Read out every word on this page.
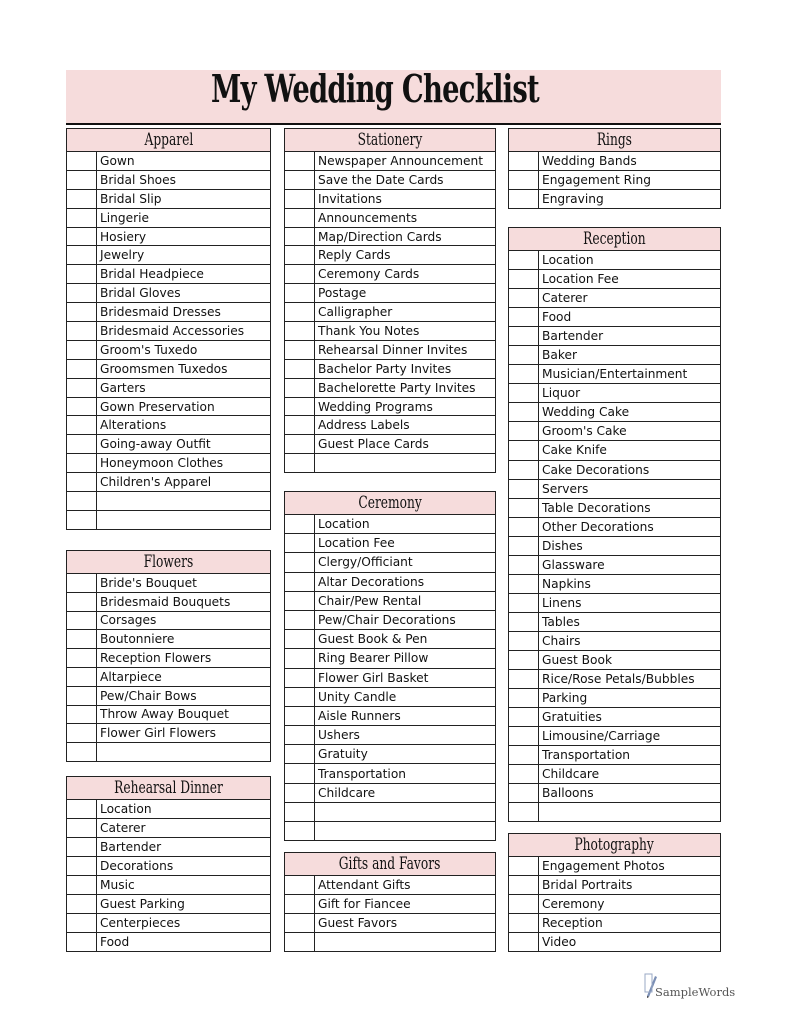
My Wedding Checklist
Apparel
Gown
Bridal Shoes
Bridal Slip
Lingerie
Hosiery
Jewelry
Bridal Headpiece
Bridal Gloves
Bridesmaid Dresses
Bridesmaid Accessories
Groom's Tuxedo
Groomsmen Tuxedos
Garters
Gown Preservation
Alterations
Going-away Outfit
Honeymoon Clothes
Children's Apparel
Flowers
Bride's Bouquet
Bridesmaid Bouquets
Corsages
Boutonniere
Reception Flowers
Altarpiece
Pew/Chair Bows
Throw Away Bouquet
Flower Girl Flowers
Rehearsal Dinner
Location
Caterer
Bartender
Decorations
Music
Guest Parking
Centerpieces
Food
Stationery
Newspaper Announcement
Save the Date Cards
Invitations
Announcements
Map/Direction Cards
Reply Cards
Ceremony Cards
Postage
Calligrapher
Thank You Notes
Rehearsal Dinner Invites
Bachelor Party Invites
Bachelorette Party Invites
Wedding Programs
Address Labels
Guest Place Cards
Ceremony
Location
Location Fee
Clergy/Officiant
Altar Decorations
Chair/Pew Rental
Pew/Chair Decorations
Guest Book & Pen
Ring Bearer Pillow
Flower Girl Basket
Unity Candle
Aisle Runners
Ushers
Gratuity
Transportation
Childcare
Gifts and Favors
Attendant Gifts
Gift for Fiancee
Guest Favors
Rings
Wedding Bands
Engagement Ring
Engraving
Reception
Location
Location Fee
Caterer
Food
Bartender
Baker
Musician/Entertainment
Liquor
Wedding Cake
Groom's Cake
Cake Knife
Cake Decorations
Servers
Table Decorations
Other Decorations
Dishes
Glassware
Napkins
Linens
Tables
Chairs
Guest Book
Rice/Rose Petals/Bubbles
Parking
Gratuities
Limousine/Carriage
Transportation
Childcare
Balloons
Photography
Engagement Photos
Bridal Portraits
Ceremony
Reception
Video
SampleWords
